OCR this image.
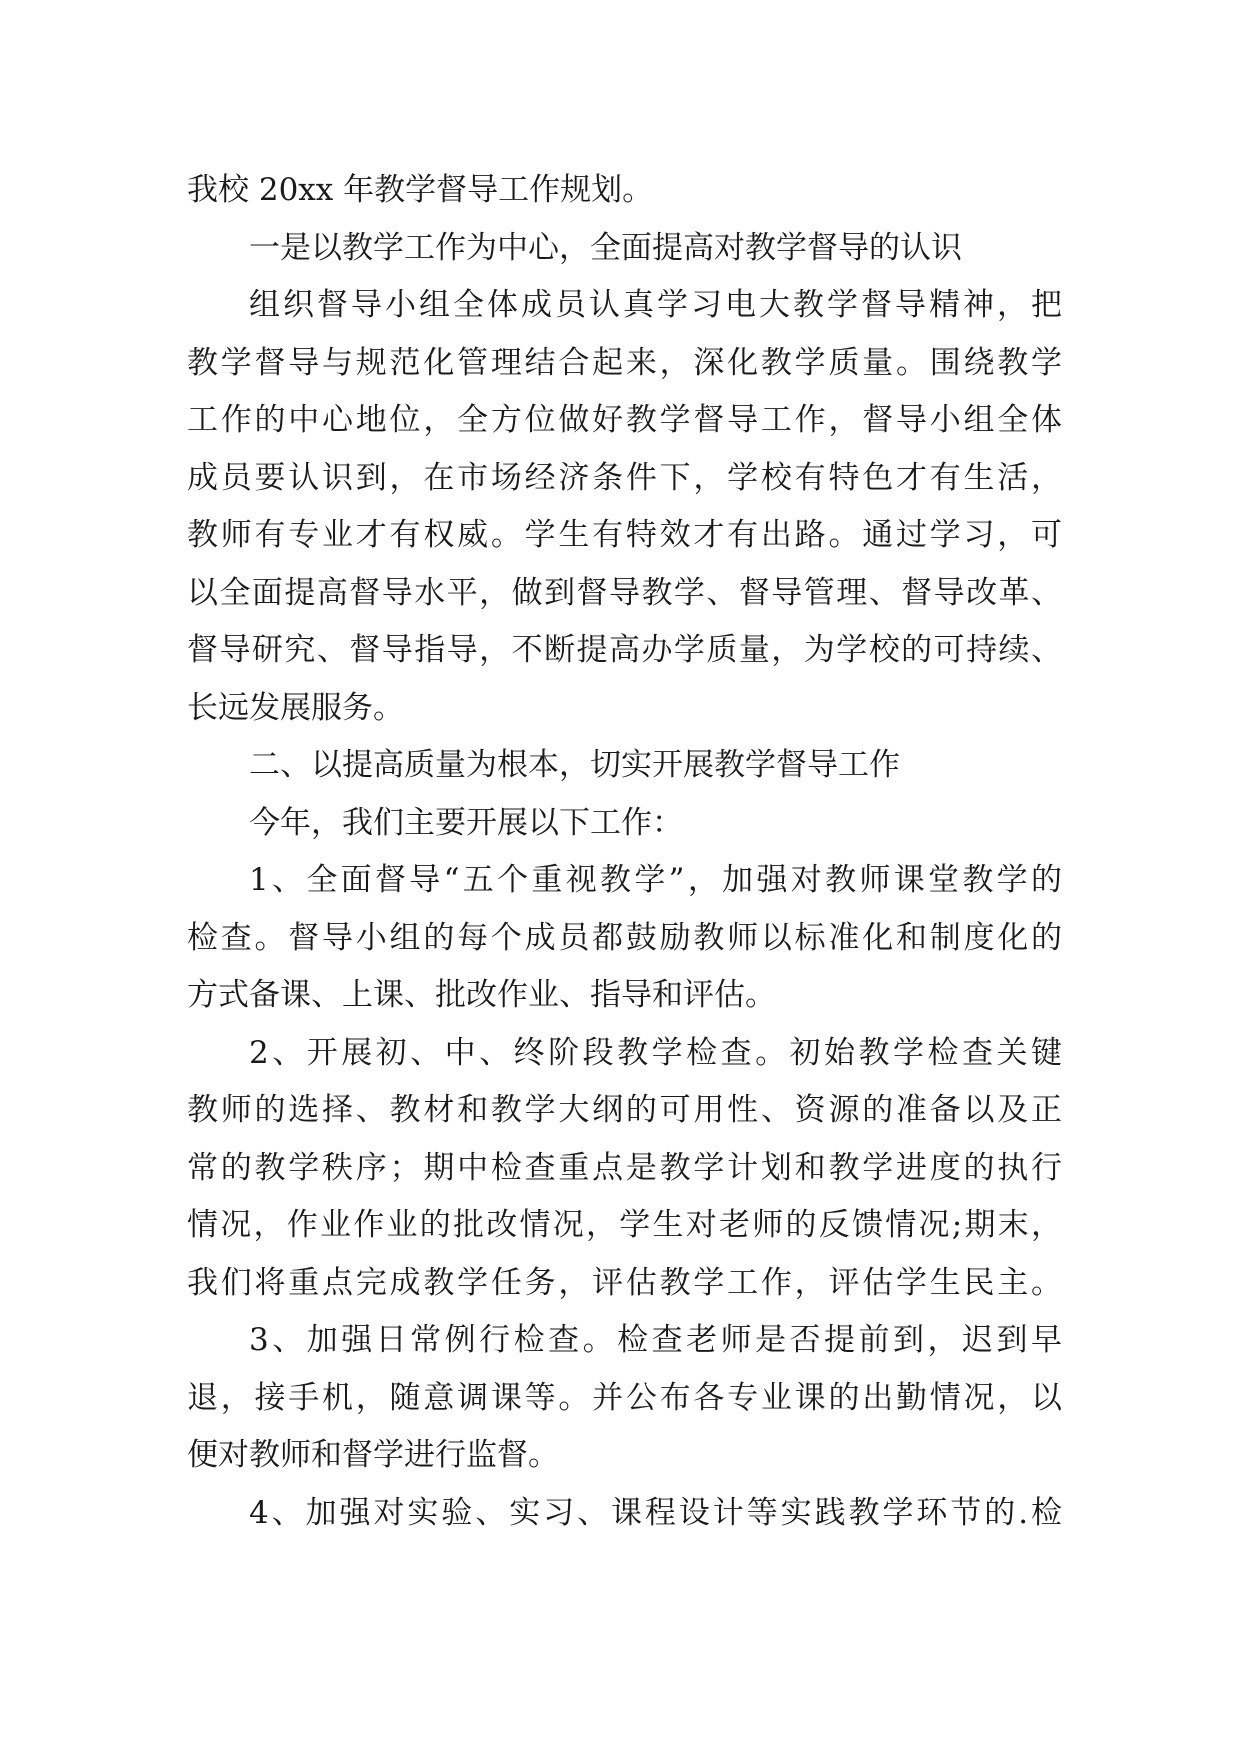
我校 20xx 年教学督导工作规划。
一是以教学工作为中心，全面提高对教学督导的认识
组织督导小组全体成员认真学习电大教学督导精神，把
教学督导与规范化管理结合起来，深化教学质量。围绕教学
工作的中心地位，全方位做好教学督导工作，督导小组全体
成员要认识到，在市场经济条件下，学校有特色才有生活，
教师有专业才有权威。学生有特效才有出路。通过学习，可
以全面提高督导水平，做到督导教学、督导管理、督导改革、
督导研究、督导指导，不断提高办学质量，为学校的可持续、
长远发展服务。
二、以提高质量为根本，切实开展教学督导工作
今年，我们主要开展以下工作：
1、全面督导“五个重视教学”，加强对教师课堂教学的
检查。督导小组的每个成员都鼓励教师以标准化和制度化的
方式备课、上课、批改作业、指导和评估。
2、开展初、中、终阶段教学检查。初始教学检查关键
教师的选择、教材和教学大纲的可用性、资源的准备以及正
常的教学秩序；期中检查重点是教学计划和教学进度的执行
情况，作业作业的批改情况，学生对老师的反馈情况;期末，
我们将重点完成教学任务，评估教学工作，评估学生民主。
3、加强日常例行检查。检查老师是否提前到，迟到早
退，接手机，随意调课等。并公布各专业课的出勤情况，以
便对教师和督学进行监督。
4、加强对实验、实习、课程设计等实践教学环节的.检
